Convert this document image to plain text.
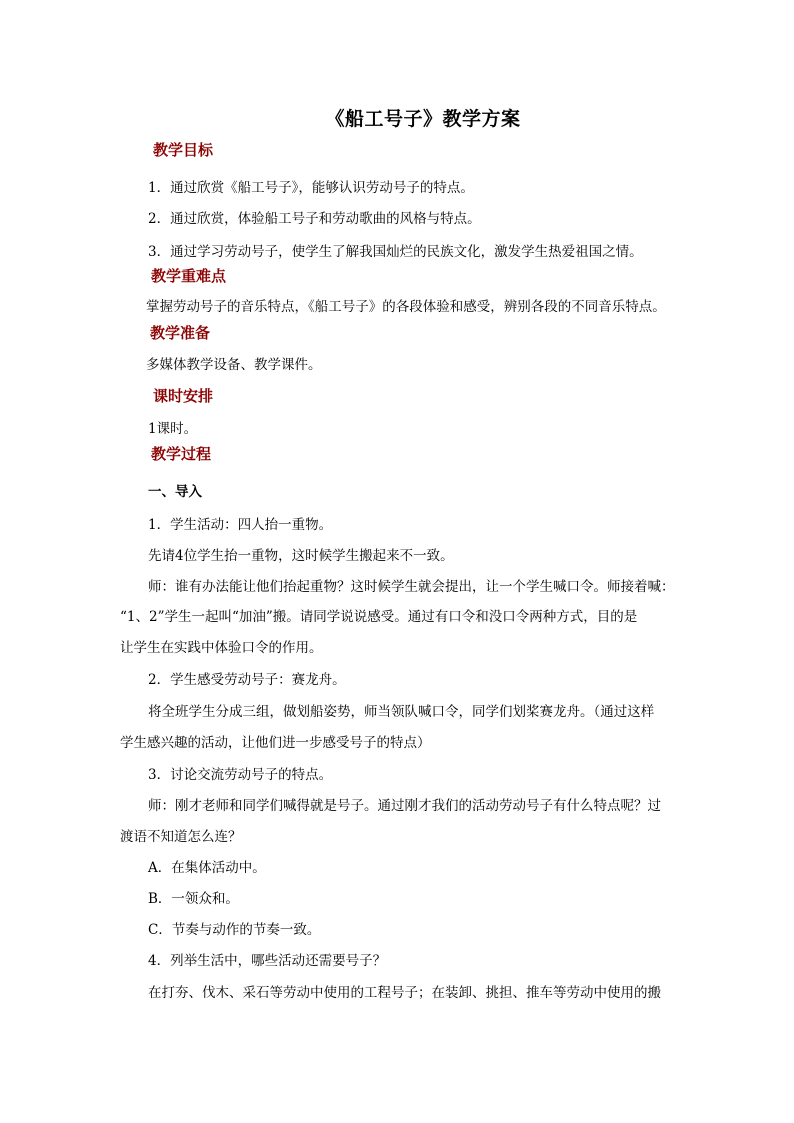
《船工号子》教学方案
教学目标
1．通过欣赏《船工号子》，能够认识劳动号子的特点。
2．通过欣赏，体验船工号子和劳动歌曲的风格与特点。
3．通过学习劳动号子，使学生了解我国灿烂的民族文化，激发学生热爱祖国之情。
教学重难点
掌握劳动号子的音乐特点，《船工号子》的各段体验和感受，辨别各段的不同音乐特点。
教学准备
多媒体教学设备、教学课件。
课时安排
1课时。
教学过程
一、导入
1．学生活动：四人抬一重物。
先请4位学生抬一重物，这时候学生搬起来不一致。
师：谁有办法能让他们抬起重物？这时候学生就会提出，让一个学生喊口令。师接着喊：
“1、2”学生一起叫“加油”搬。请同学说说感受。通过有口令和没口令两种方式，目的是
让学生在实践中体验口令的作用。
2．学生感受劳动号子：赛龙舟。
将全班学生分成三组，做划船姿势，师当领队喊口令，同学们划桨赛龙舟。（通过这样
学生感兴趣的活动，让他们进一步感受号子的特点）
3．讨论交流劳动号子的特点。
师：刚才老师和同学们喊得就是号子。通过刚才我们的活动劳动号子有什么特点呢？过
渡语不知道怎么连？
A．在集体活动中。
B．一领众和。
C．节奏与动作的节奏一致。
4．列举生活中，哪些活动还需要号子？
在打夯、伐木、采石等劳动中使用的工程号子；在装卸、挑担、推车等劳动中使用的搬
